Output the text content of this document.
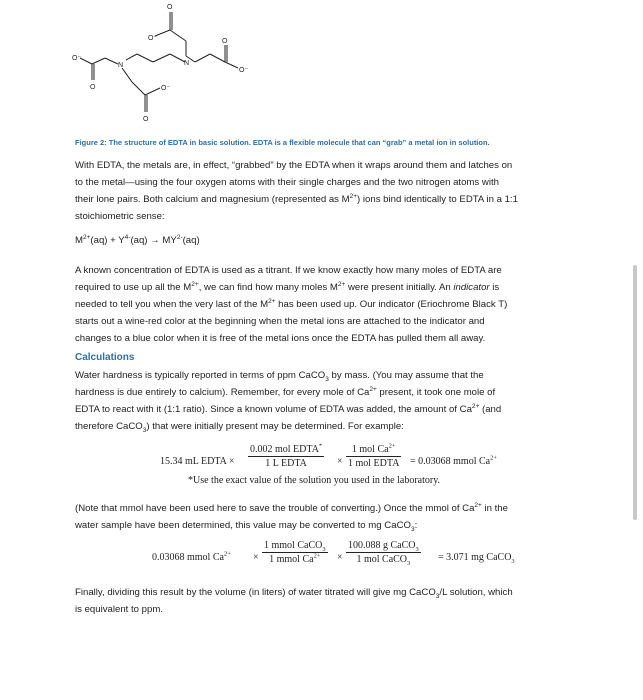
O
O⁻
N
O
O⁻
N
O⁻
O
O
O⁻
Figure 2: The structure of EDTA in basic solution. EDTA is a flexible molecule that can “grab” a metal ion in solution.
With EDTA, the metals are, in effect, “grabbed” by the EDTA when it wraps around them and latches on
to the metal—using the four oxygen atoms with their single charges and the two nitrogen atoms with
their lone pairs. Both calcium and magnesium (represented as $M^{2+}$) ions bind identically to EDTA in a 1:1
stoichiometric sense:
$M^{2+}(aq) + Y^{4-}(aq) \to MY^{2-}(aq)$
A known concentration of EDTA is used as a titrant. If we know exactly how many moles of EDTA are
required to use up all the $M^{2+}$, we can find how many moles $M^{2+}$ were present initially. An indicator is
needed to tell you when the very last of the $M^{2+}$ has been used up. Our indicator (Eriochrome Black T)
starts out a wine-red color at the beginning when the metal ions are attached to the indicator and
changes to a blue color when it is free of the metal ions once the EDTA has pulled them all away.
Calculations
Water hardness is typically reported in terms of ppm CaCO$_3$ by mass. (You may assume that the
hardness is due entirely to calcium). Remember, for every mole of $Ca^{2+}$ present, it took one mole of
EDTA to react with it (1:1 ratio). Since a known volume of EDTA was added, the amount of $Ca^{2+}$ (and
therefore CaCO$_3$) that were initially present may be determined. For example:
15.34 mL EDTA ×
0.002 mol EDTA*
1 L EDTA	×
1 mol $Ca^{2+}$
1 mol EDTA = 0.03068 mmol $Ca^{2+}$
*Use the exact value of the solution you used in the laboratory.
(Note that mmol have been used here to save the trouble of converting.) Once the mmol of $Ca^{2+}$ in the
water sample have been determined, this value may be converted to mg CaCO$_3$:
0.03068 mmol $Ca^{2+}$ ×
1 mmol CaCO$_3$
1 mmol $Ca^{2+}$	×
100.088 g CaCO$_3$
1 mol CaCO$_3$
= 3.071 mg CaCO$_3$
Finally, dividing this result by the volume (in liters) of water titrated will give mg CaCO$_3$/L solution, which
is equivalent to ppm.
